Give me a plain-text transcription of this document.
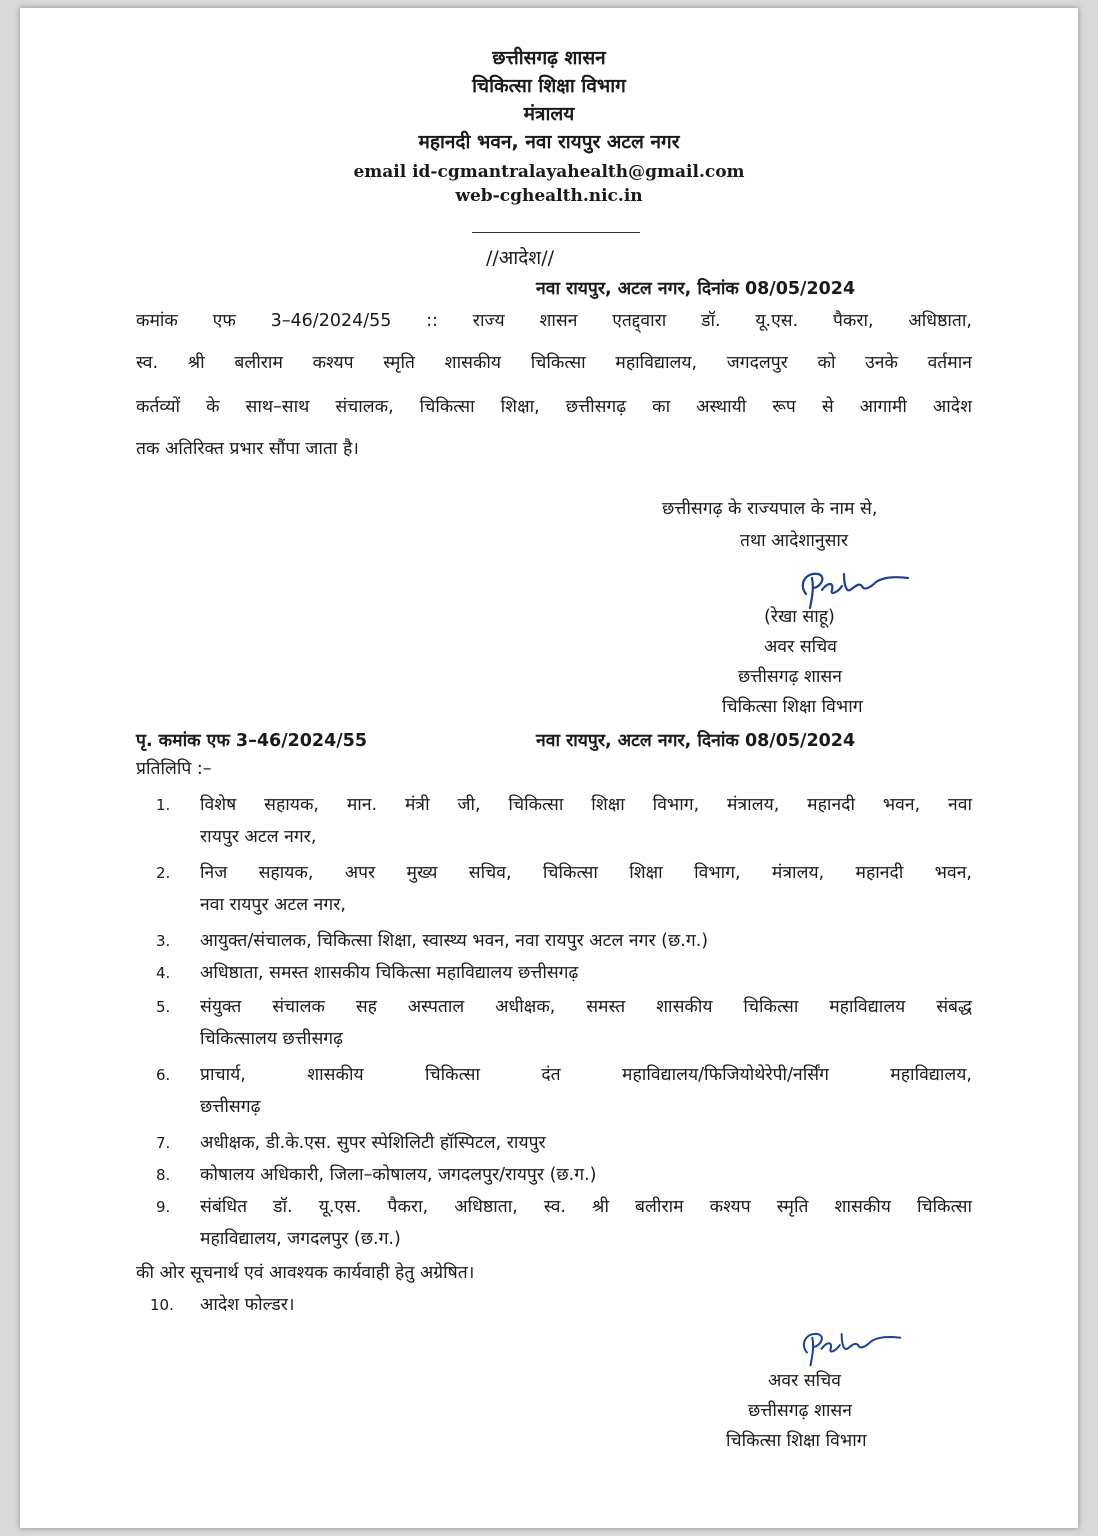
छत्तीसगढ़ शासन
चिकित्सा शिक्षा विभाग
मंत्रालय
महानदी भवन, नवा रायपुर अटल नगर
email id-cgmantralayahealth@gmail.com
web-cghealth.nic.in
//आदेश//
नवा रायपुर, अटल नगर, दिनांक 08/05/2024
कमांक एफ 3–46/2024/55 :: राज्य शासन एतद्द्वारा डॉ. यू.एस. पैकरा, अधिष्ठाता,
स्व. श्री बलीराम कश्यप स्मृति शासकीय चिकित्सा महाविद्यालय, जगदलपुर को उनके वर्तमान
कर्तव्यों के साथ–साथ संचालक, चिकित्सा शिक्षा, छत्तीसगढ़ का अस्थायी रूप से आगामी आदेश
तक अतिरिक्त प्रभार सौंपा जाता है।
छत्तीसगढ़ के राज्यपाल के नाम से,
तथा आदेशानुसार
(रेखा साहू)
अवर सचिव
छत्तीसगढ़ शासन
चिकित्सा शिक्षा विभाग
पृ. कमांक एफ 3–46/2024/55	नवा रायपुर, अटल नगर, दिनांक 08/05/2024
प्रतिलिपि :–
1.	विशेष सहायक, मान. मंत्री जी, चिकित्सा शिक्षा विभाग, मंत्रालय, महानदी भवन, नवा
रायपुर अटल नगर,
2.	निज सहायक, अपर मुख्य सचिव, चिकित्सा शिक्षा विभाग, मंत्रालय, महानदी भवन,
नवा रायपुर अटल नगर,
3.	आयुक्त/संचालक, चिकित्सा शिक्षा, स्वास्थ्य भवन, नवा रायपुर अटल नगर (छ.ग.)
4.	अधिष्ठाता, समस्त शासकीय चिकित्सा महाविद्यालय छत्तीसगढ़
5.	संयुक्त संचालक सह अस्पताल अधीक्षक, समस्त शासकीय चिकित्सा महाविद्यालय संबद्ध
चिकित्सालय छत्तीसगढ़
6.	प्राचार्य, शासकीय चिकित्सा दंत महाविद्यालय/फिजियोथेरेपी/नर्सिंग महाविद्यालय,
छत्तीसगढ़
7.	अधीक्षक, डी.के.एस. सुपर स्पेशिलिटी हॉस्पिटल, रायपुर
8.	कोषालय अधिकारी, जिला–कोषालय, जगदलपुर/रायपुर (छ.ग.)
9.	संबंधित डॉ. यू.एस. पैकरा, अधिष्ठाता, स्व. श्री बलीराम कश्यप स्मृति शासकीय चिकित्सा
महाविद्यालय, जगदलपुर (छ.ग.)
की ओर सूचनार्थ एवं आवश्यक कार्यवाही हेतु अग्रेषित।
10.	आदेश फोल्डर।
अवर सचिव
छत्तीसगढ़ शासन
चिकित्सा शिक्षा विभाग
